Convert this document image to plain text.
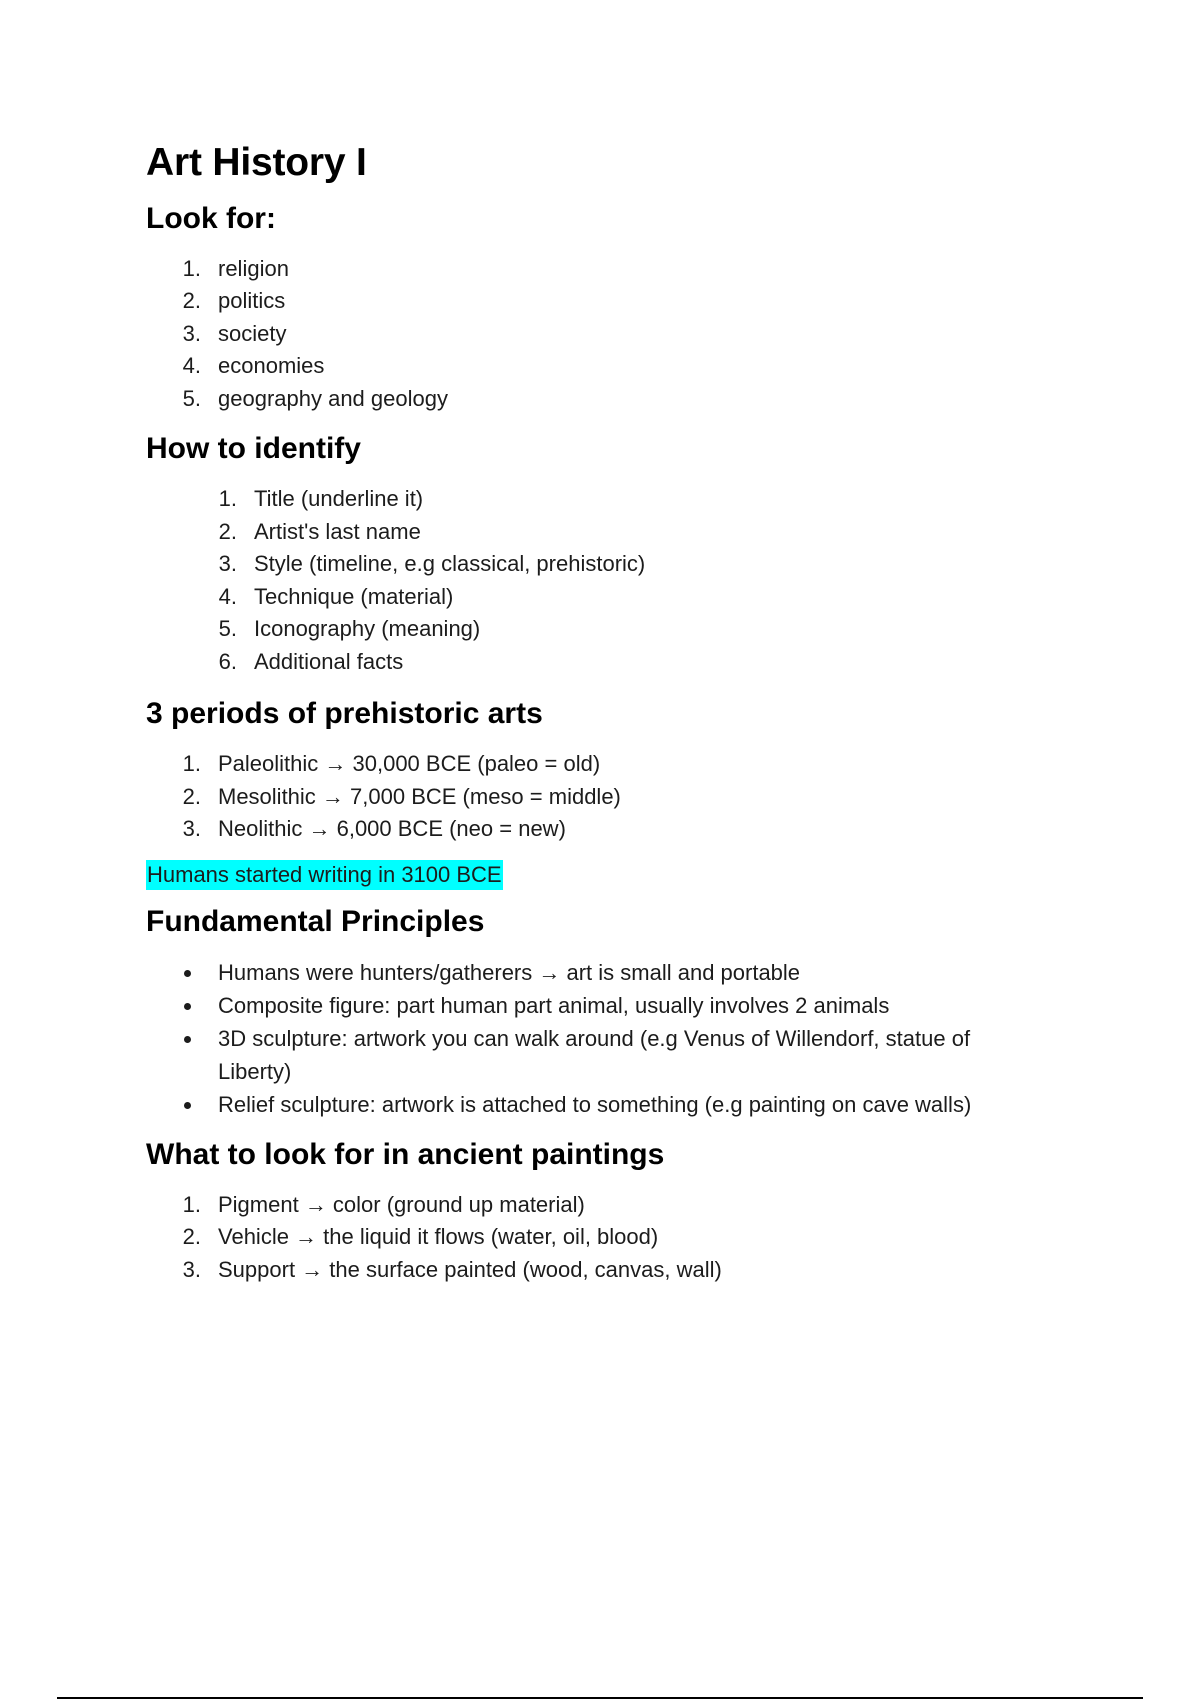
Art History I
Look for:
1. religion
2. politics
3. society
4. economies
5. geography and geology
How to identify
1. Title (underline it)
2. Artist's last name
3. Style (timeline, e.g classical, prehistoric)
4. Technique (material)
5. Iconography (meaning)
6. Additional facts
3 periods of prehistoric arts
1. Paleolithic → 30,000 BCE (paleo = old)
2. Mesolithic → 7,000 BCE (meso = middle)
3. Neolithic → 6,000 BCE (neo = new)
Humans started writing in 3100 BCE
Fundamental Principles
Humans were hunters/gatherers → art is small and portable
Composite figure: part human part animal, usually involves 2 animals
3D sculpture: artwork you can walk around (e.g Venus of Willendorf, statue of Liberty)
Relief sculpture: artwork is attached to something (e.g painting on cave walls)
What to look for in ancient paintings
1. Pigment → color (ground up material)
2. Vehicle → the liquid it flows (water, oil, blood)
3. Support → the surface painted (wood, canvas, wall)
